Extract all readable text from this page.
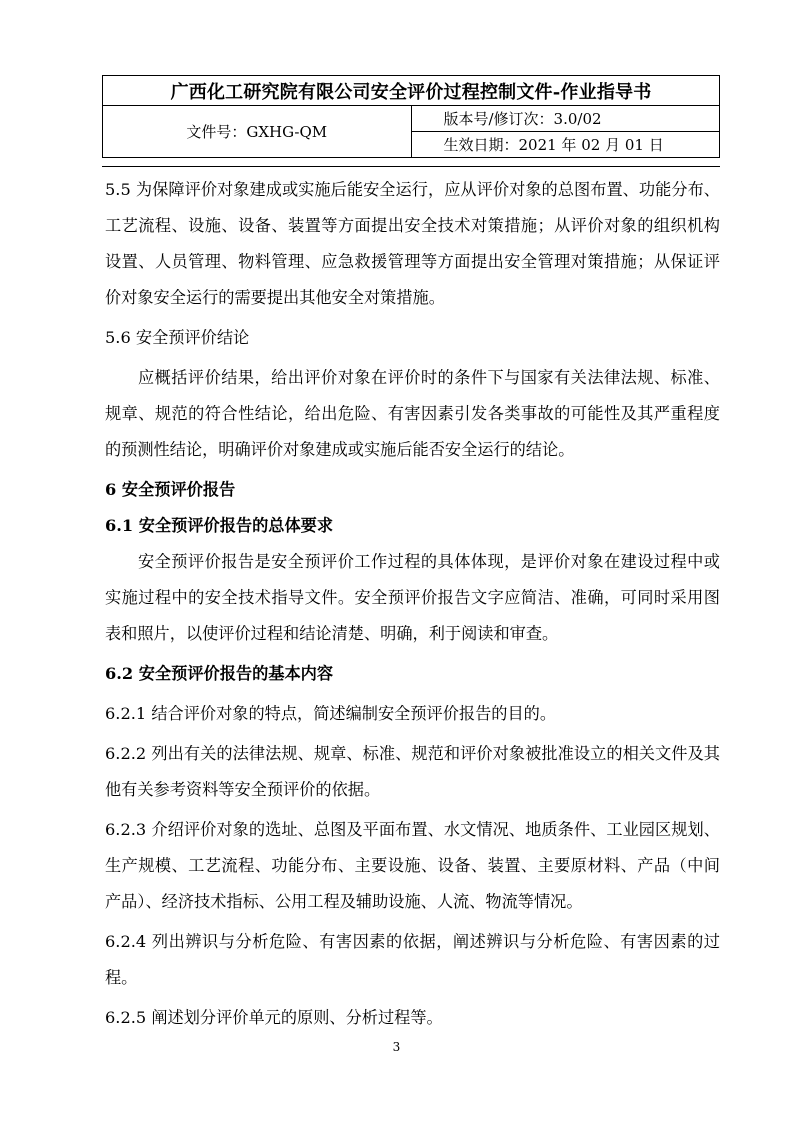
广西化工研究院有限公司安全评价过程控制文件-作业指导书
文件号：GXHG-QM	版本号/修订次：3.0/02
生效日期：2021 年 02 月 01 日

5.5 为保障评价对象建成或实施后能安全运行，应从评价对象的总图布置、功能分布、工艺流程、设施、设备、装置等方面提出安全技术对策措施；从评价对象的组织机构设置、人员管理、物料管理、应急救援管理等方面提出安全管理对策措施；从保证评价对象安全运行的需要提出其他安全对策措施。

5.6 安全预评价结论

应概括评价结果，给出评价对象在评价时的条件下与国家有关法律法规、标准、规章、规范的符合性结论，给出危险、有害因素引发各类事故的可能性及其严重程度的预测性结论，明确评价对象建成或实施后能否安全运行的结论。

6 安全预评价报告

6.1 安全预评价报告的总体要求

安全预评价报告是安全预评价工作过程的具体体现，是评价对象在建设过程中或实施过程中的安全技术指导文件。安全预评价报告文字应简洁、准确，可同时采用图表和照片，以使评价过程和结论清楚、明确，利于阅读和审查。

6.2 安全预评价报告的基本内容

6.2.1 结合评价对象的特点，简述编制安全预评价报告的目的。

6.2.2 列出有关的法律法规、规章、标准、规范和评价对象被批准设立的相关文件及其他有关参考资料等安全预评价的依据。

6.2.3 介绍评价对象的选址、总图及平面布置、水文情况、地质条件、工业园区规划、生产规模、工艺流程、功能分布、主要设施、设备、装置、主要原材料、产品（中间产品）、经济技术指标、公用工程及辅助设施、人流、物流等情况。

6.2.4 列出辨识与分析危险、有害因素的依据，阐述辨识与分析危险、有害因素的过程。

6.2.5 阐述划分评价单元的原则、分析过程等。

3
